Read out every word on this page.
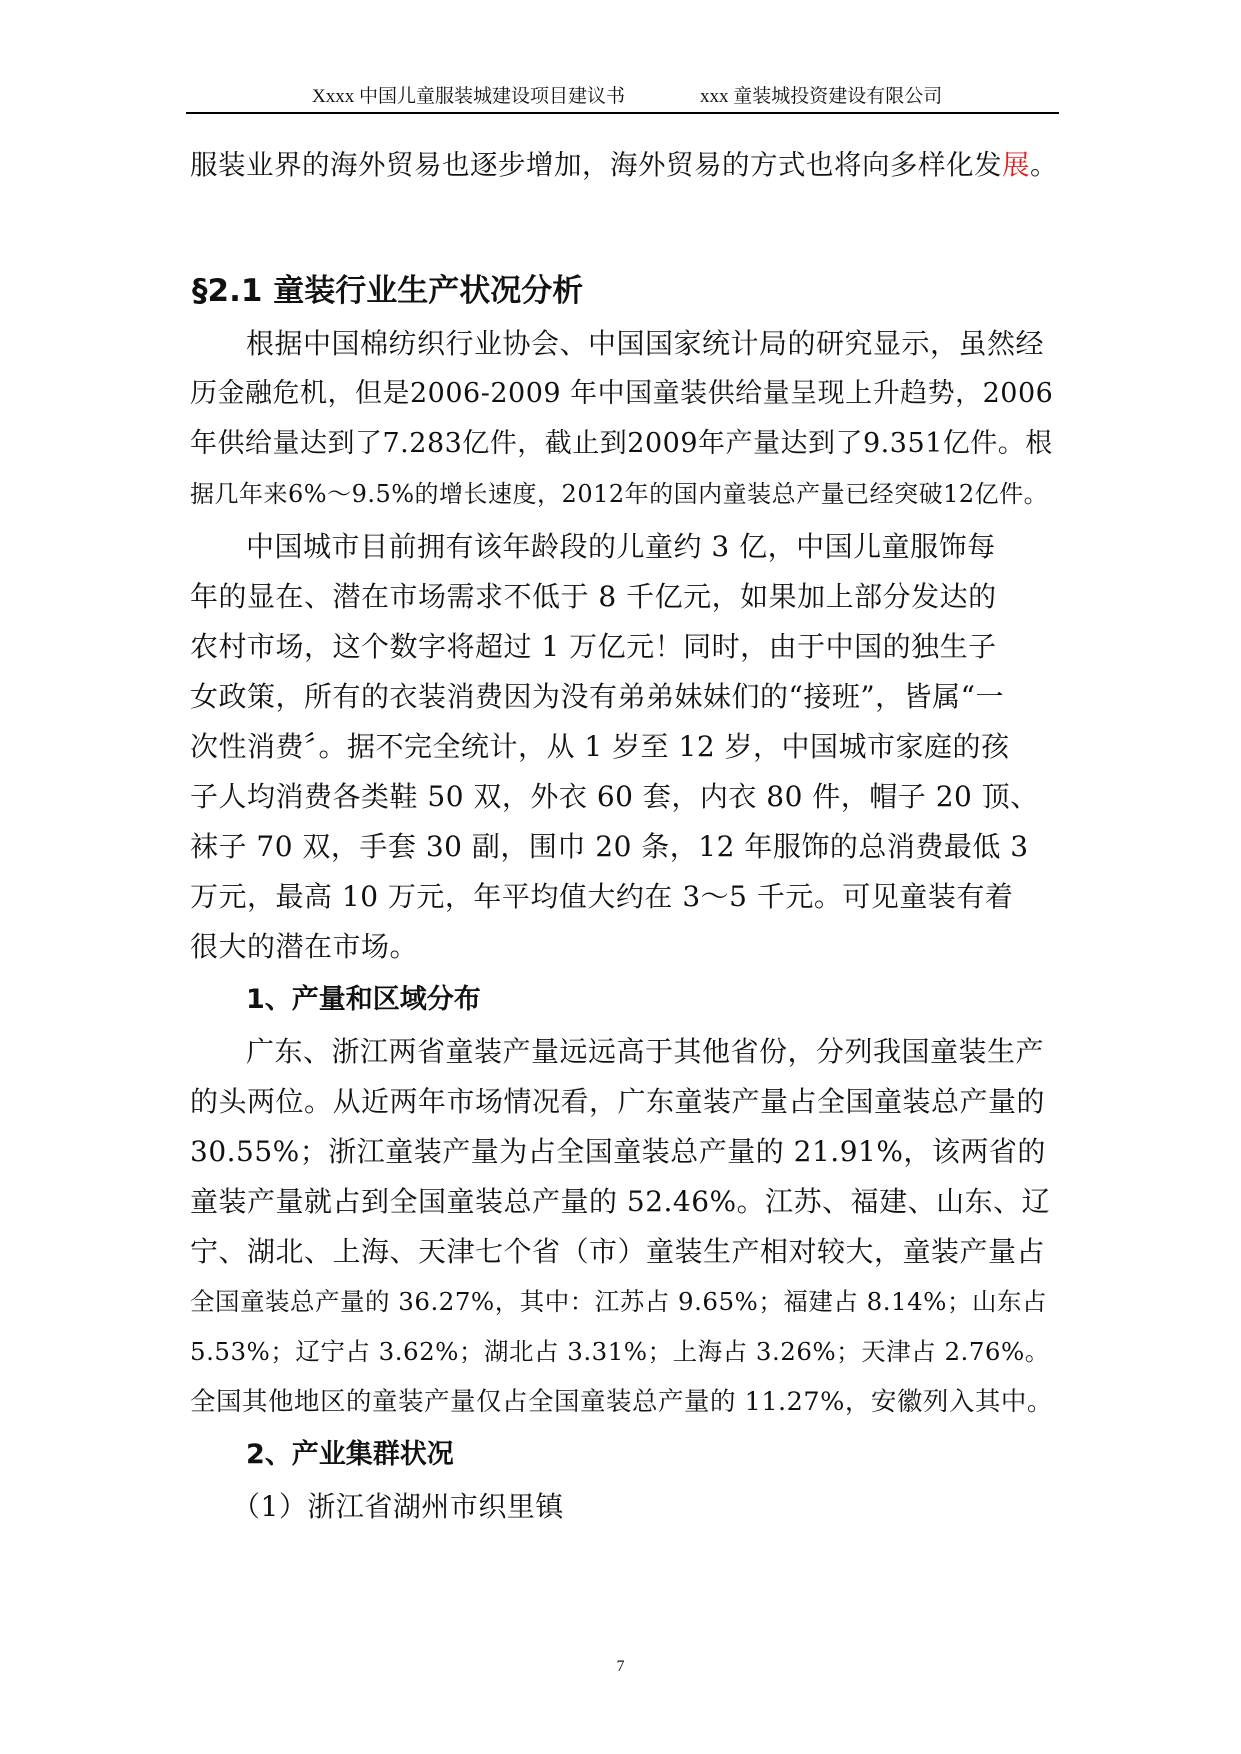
Xxxx 中国儿童服装城建设项目建议书	xxx 童装城投资建设有限公司
服装业界的海外贸易也逐步增加，海外贸易的方式也将向多样化发展。
§2.1 童装行业生产状况分析
根据中国棉纺织行业协会、中国国家统计局的研究显示，虽然经
历金融危机，但是2006-2009 年中国童装供给量呈现上升趋势，2006
年供给量达到了7.283亿件，截止到2009年产量达到了9.351亿件。根
据几年来6%～9.5%的增长速度，2012年的国内童装总产量已经突破12亿件。
中国城市目前拥有该年龄段的儿童约 3 亿，中国儿童服饰每
年的显在、潜在市场需求不低于 8 千亿元，如果加上部分发达的
农村市场，这个数字将超过 1 万亿元！同时，由于中国的独生子
女政策，所有的衣装消费因为没有弟弟妹妹们的“接班”，皆属“一
次性消费〞。据不完全统计，从 1 岁至 12 岁，中国城市家庭的孩
子人均消费各类鞋 50 双，外衣 60 套，内衣 80 件，帽子 20 顶、
袜子 70 双，手套 30 副，围巾 20 条，12 年服饰的总消费最低 3
万元，最高 10 万元，年平均值大约在 3～5 千元。可见童装有着
很大的潜在市场。
1、产量和区域分布
广东、浙江两省童装产量远远高于其他省份，分列我国童装生产
的头两位。从近两年市场情况看，广东童装产量占全国童装总产量的
30.55%；浙江童装产量为占全国童装总产量的 21.91%，该两省的
童装产量就占到全国童装总产量的 52.46%。江苏、福建、山东、辽
宁、湖北、上海、天津七个省（市）童装生产相对较大，童装产量占
全国童装总产量的 36.27%，其中：江苏占 9.65%；福建占 8.14%；山东占
5.53%；辽宁占 3.62%；湖北占 3.31%；上海占 3.26%；天津占 2.76%。
全国其他地区的童装产量仅占全国童装总产量的 11.27%，安徽列入其中。
2、产业集群状况
（1）浙江省湖州市织里镇
7
